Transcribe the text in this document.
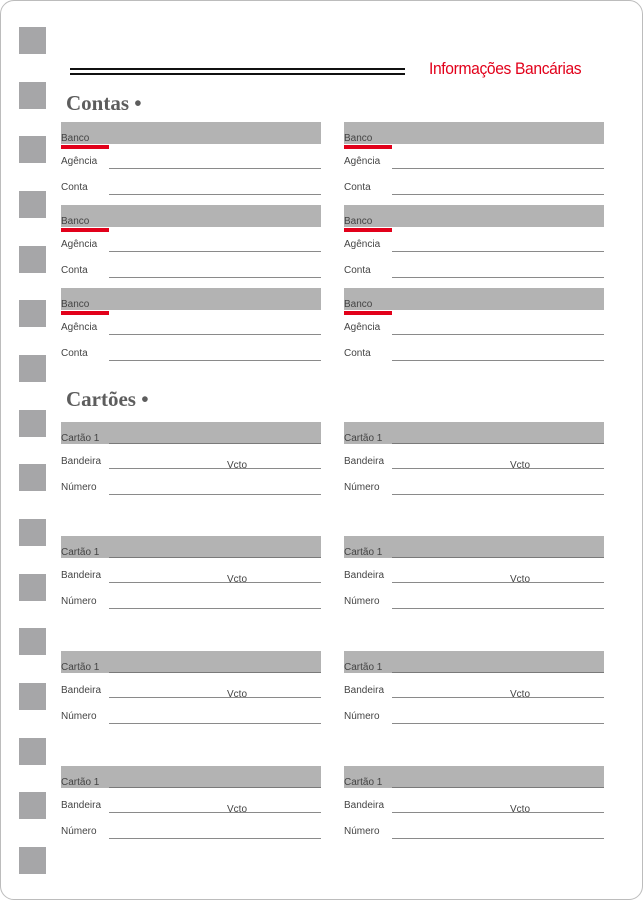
Informações Bancárias
Contas •
Banco
Agência
Conta
Banco
Agência
Conta
Banco
Agência
Conta
Banco
Agência
Conta
Banco
Agência
Conta
Banco
Agência
Conta
Cartões •
Cartão 1
Bandeira	Vcto
Número
Cartão 1
Bandeira	Vcto
Número
Cartão 1
Bandeira	Vcto
Número
Cartão 1
Bandeira	Vcto
Número
Cartão 1
Bandeira	Vcto
Número
Cartão 1
Bandeira	Vcto
Número
Cartão 1
Bandeira	Vcto
Número
Cartão 1
Bandeira	Vcto
Número
